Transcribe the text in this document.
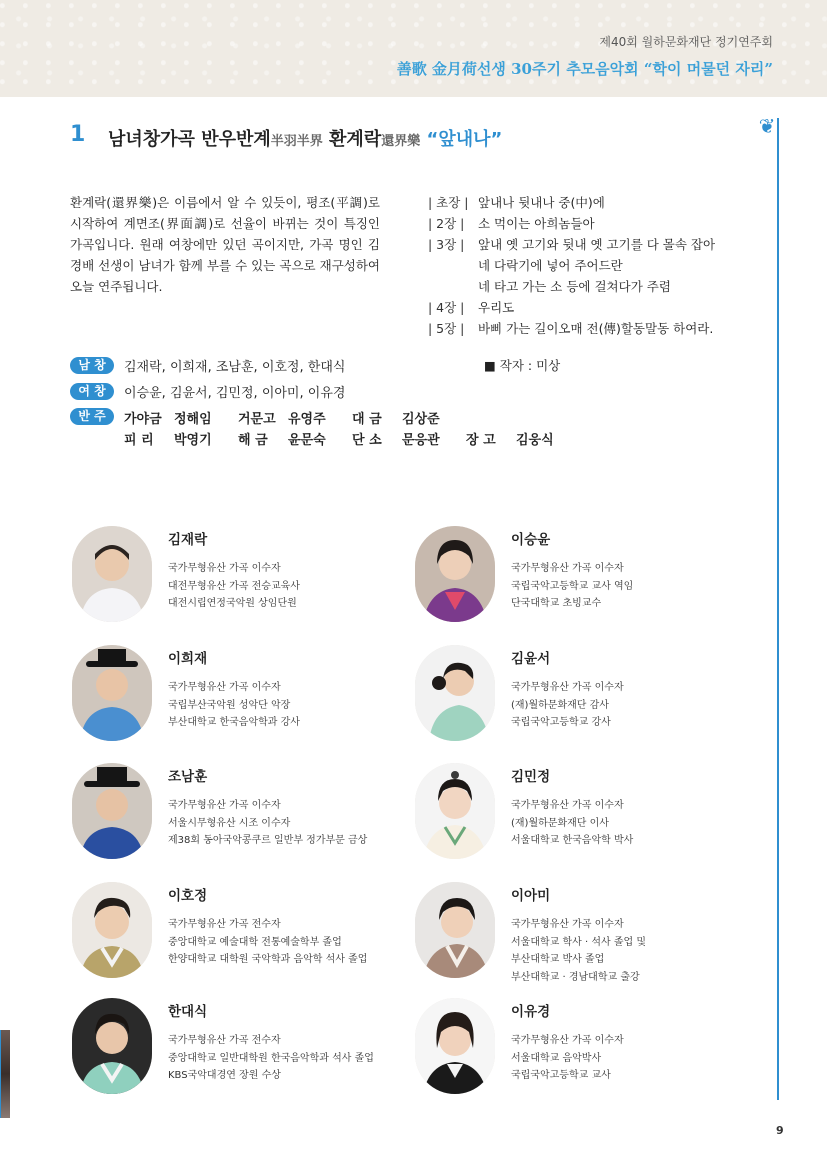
제40회 월하문화재단 정기연주회
善歌 金月荷선생 30주기 추모음악회 “학이 머물던 자리”
❦
1 남녀창가곡 반우반계半羽半界 환계락還界樂 “앞내나”
환계락(還界樂)은 이름에서 알 수 있듯이, 평조(平調)로 시작하여 계면조(界面調)로 선율이 바뀌는 것이 특징인 가곡입니다. 원래 여창에만 있던 곡이지만, 가곡 명인 김경배 선생이 남녀가 함께 부를 수 있는 곡으로 재구성하여 오늘 연주됩니다.
| 초장 | 앞내나 뒷내나 중(中)에
| 2장 |	소 먹이는 아희놈들아
| 3장 |	앞내 옛 고기와 뒷내 옛 고기를 다 몰속 잡아
네 다락기에 넣어 주어드란
네 타고 가는 소 등에 걸쳐다가 주렴
| 4장 |	우리도
| 5장 |	바삐 가는 길이오매 전(傳)할동말동 하여라.
■ 작자 : 미상
남 창	김재락, 이희재, 조남훈, 이호정, 한대식
여 창	이승윤, 김윤서, 김민정, 이아미, 이유경
반 주	가야금 정해임	거문고 유영주	대 금	김상준
피 리	박영기	해 금	윤문숙	단 소	문응관	장 고	김웅식
김재락
국가무형유산 가곡 이수자
대전무형유산 가곡 전승교육사
대전시립연정국악원 상임단원
이승윤
국가무형유산 가곡 이수자
국립국악고등학교 교사 역임
단국대학교 초빙교수
이희재
국가무형유산 가곡 이수자
국립부산국악원 성악단 악장
부산대학교 한국음악학과 강사
김윤서
국가무형유산 가곡 이수자
(재)월하문화재단 감사
국립국악고등학교 강사
조남훈
국가무형유산 가곡 이수자
서울시무형유산 시조 이수자
제38회 동아국악콩쿠르 일반부 정가부문 금상
김민정
국가무형유산 가곡 이수자
(재)월하문화재단 이사
서울대학교 한국음악학 박사
이호정
국가무형유산 가곡 전수자
중앙대학교 예술대학 전통예술학부 졸업
한양대학교 대학원 국악학과 음악학 석사 졸업
이아미
국가무형유산 가곡 이수자
서울대학교 학사 · 석사 졸업 및
부산대학교 박사 졸업
부산대학교 · 경남대학교 출강
한대식
국가무형유산 가곡 전수자
중앙대학교 일반대학원 한국음악학과 석사 졸업
KBS국악대경연 장원 수상
이유경
국가무형유산 가곡 이수자
서울대학교 음악박사
국립국악고등학교 교사
9
